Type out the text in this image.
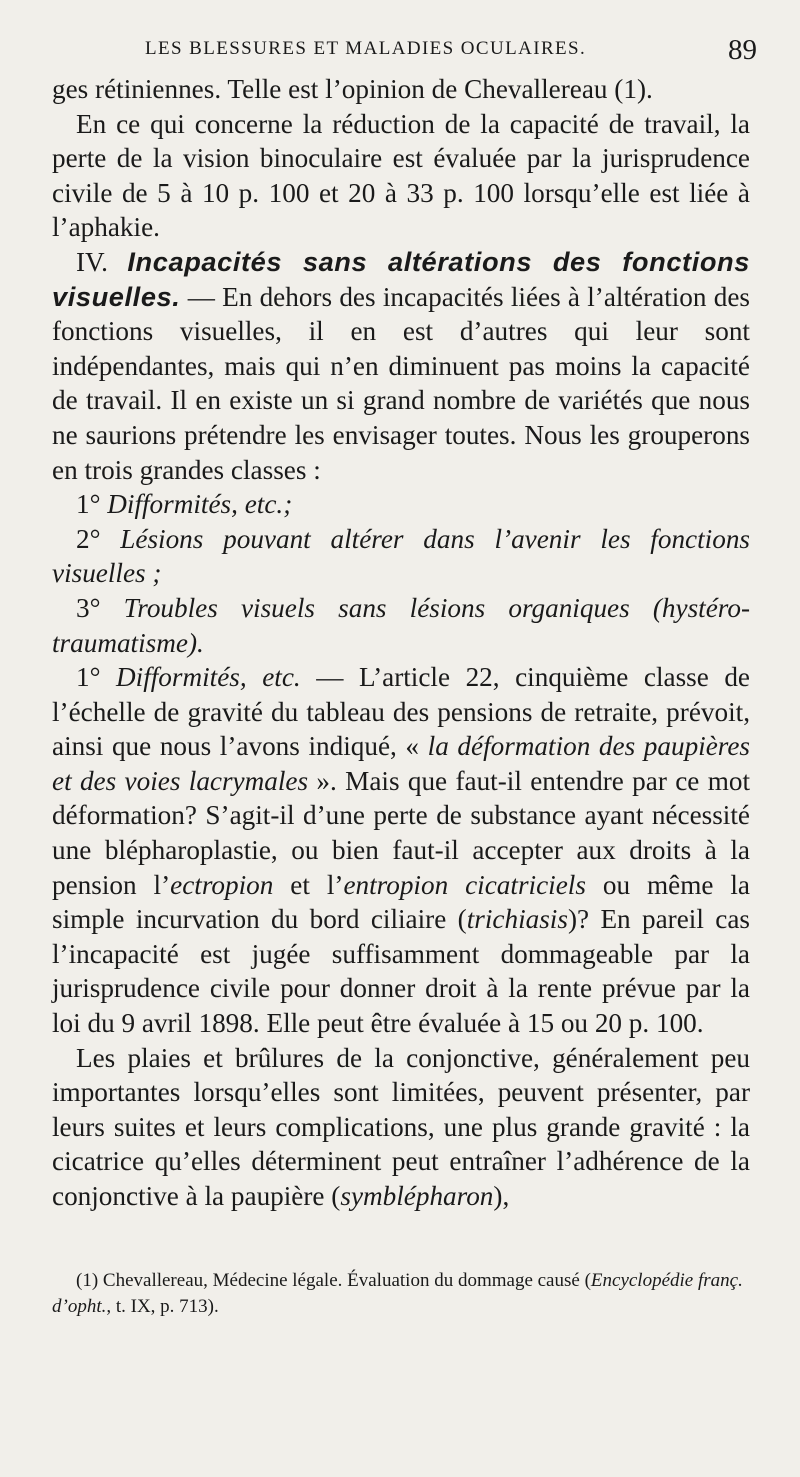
LES BLESSURES ET MALADIES OCULAIRES.	89

ges rétiniennes. Telle est l’opinion de Chevallereau (1).

En ce qui concerne la réduction de la capacité de travail, la perte de la vision binoculaire est évaluée par la jurisprudence civile de 5 à 10 p. 100 et 20 à 33 p. 100 lorsqu’elle est liée à l’aphakie.

IV. Incapacités sans altérations des fonctions visuelles. — En dehors des incapacités liées à l’altération des fonctions visuelles, il en est d’autres qui leur sont indépendantes, mais qui n’en diminuent pas moins la capacité de travail. Il en existe un si grand nombre de variétés que nous ne saurions prétendre les envisager toutes. Nous les grouperons en trois grandes classes :

1° Difformités, etc.;

2° Lésions pouvant altérer dans l’avenir les fonctions visuelles ;

3° Troubles visuels sans lésions organiques (hystéro-traumatisme).

1° Difformités, etc. — L’article 22, cinquième classe de l’échelle de gravité du tableau des pensions de retraite, prévoit, ainsi que nous l’avons indiqué, « la déformation des paupières et des voies lacrymales ». Mais que faut-il entendre par ce mot déformation? S’agit-il d’une perte de substance ayant nécessité une blépharoplastie, ou bien faut-il accepter aux droits à la pension l’ectropion et l’entropion cicatriciels ou même la simple incurvation du bord ciliaire (trichiasis)? En pareil cas l’incapacité est jugée suffisamment dommageable par la jurisprudence civile pour donner droit à la rente prévue par la loi du 9 avril 1898. Elle peut être évaluée à 15 ou 20 p. 100.

Les plaies et brûlures de la conjonctive, généralement peu importantes lorsqu’elles sont limitées, peuvent présenter, par leurs suites et leurs complications, une plus grande gravité : la cicatrice qu’elles déterminent peut entraîner l’adhérence de la conjonctive à la paupière (symblépharon),

(1) Chevallereau, Médecine légale. Évaluation du dommage causé (Encyclopédie franç. d’opht., t. IX, p. 713).
